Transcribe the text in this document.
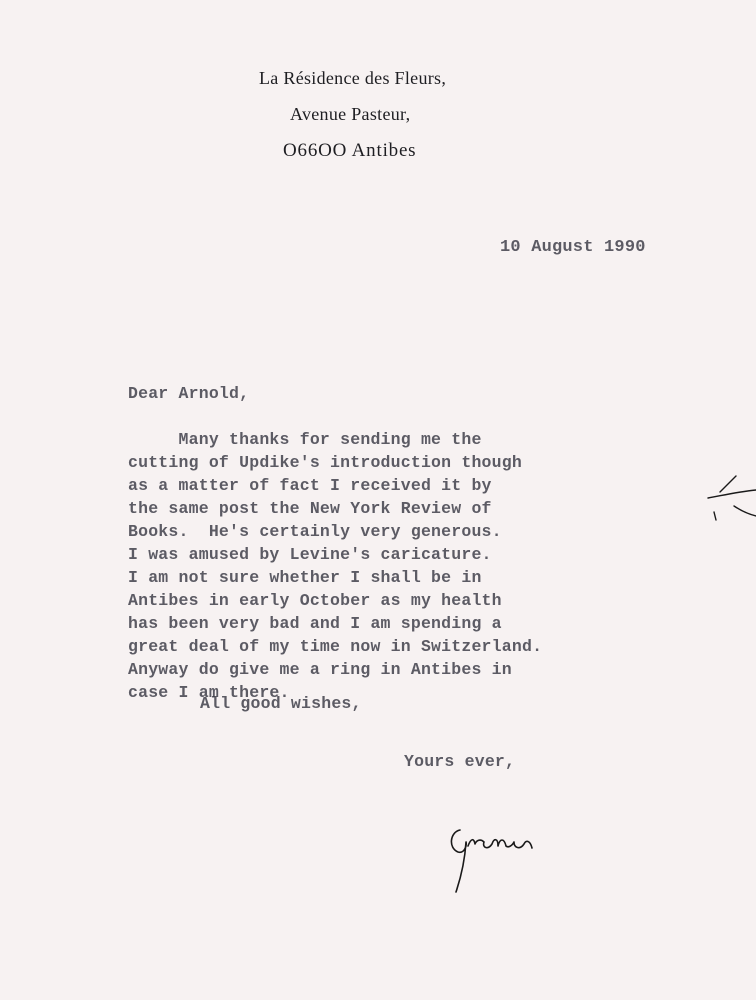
La Résidence des Fleurs,
Avenue Pasteur,
O66OO Antibes
10 August 1990
Dear Arnold,
Many thanks for sending me the
cutting of Updike's introduction though
as a matter of fact I received it by
the same post the New York Review of
Books.  He's certainly very generous.
I was amused by Levine's caricature.
I am not sure whether I shall be in
Antibes in early October as my health
has been very bad and I am spending a
great deal of my time now in Switzerland.
Anyway do give me a ring in Antibes in
case I am there.
All good wishes,
Yours ever,
